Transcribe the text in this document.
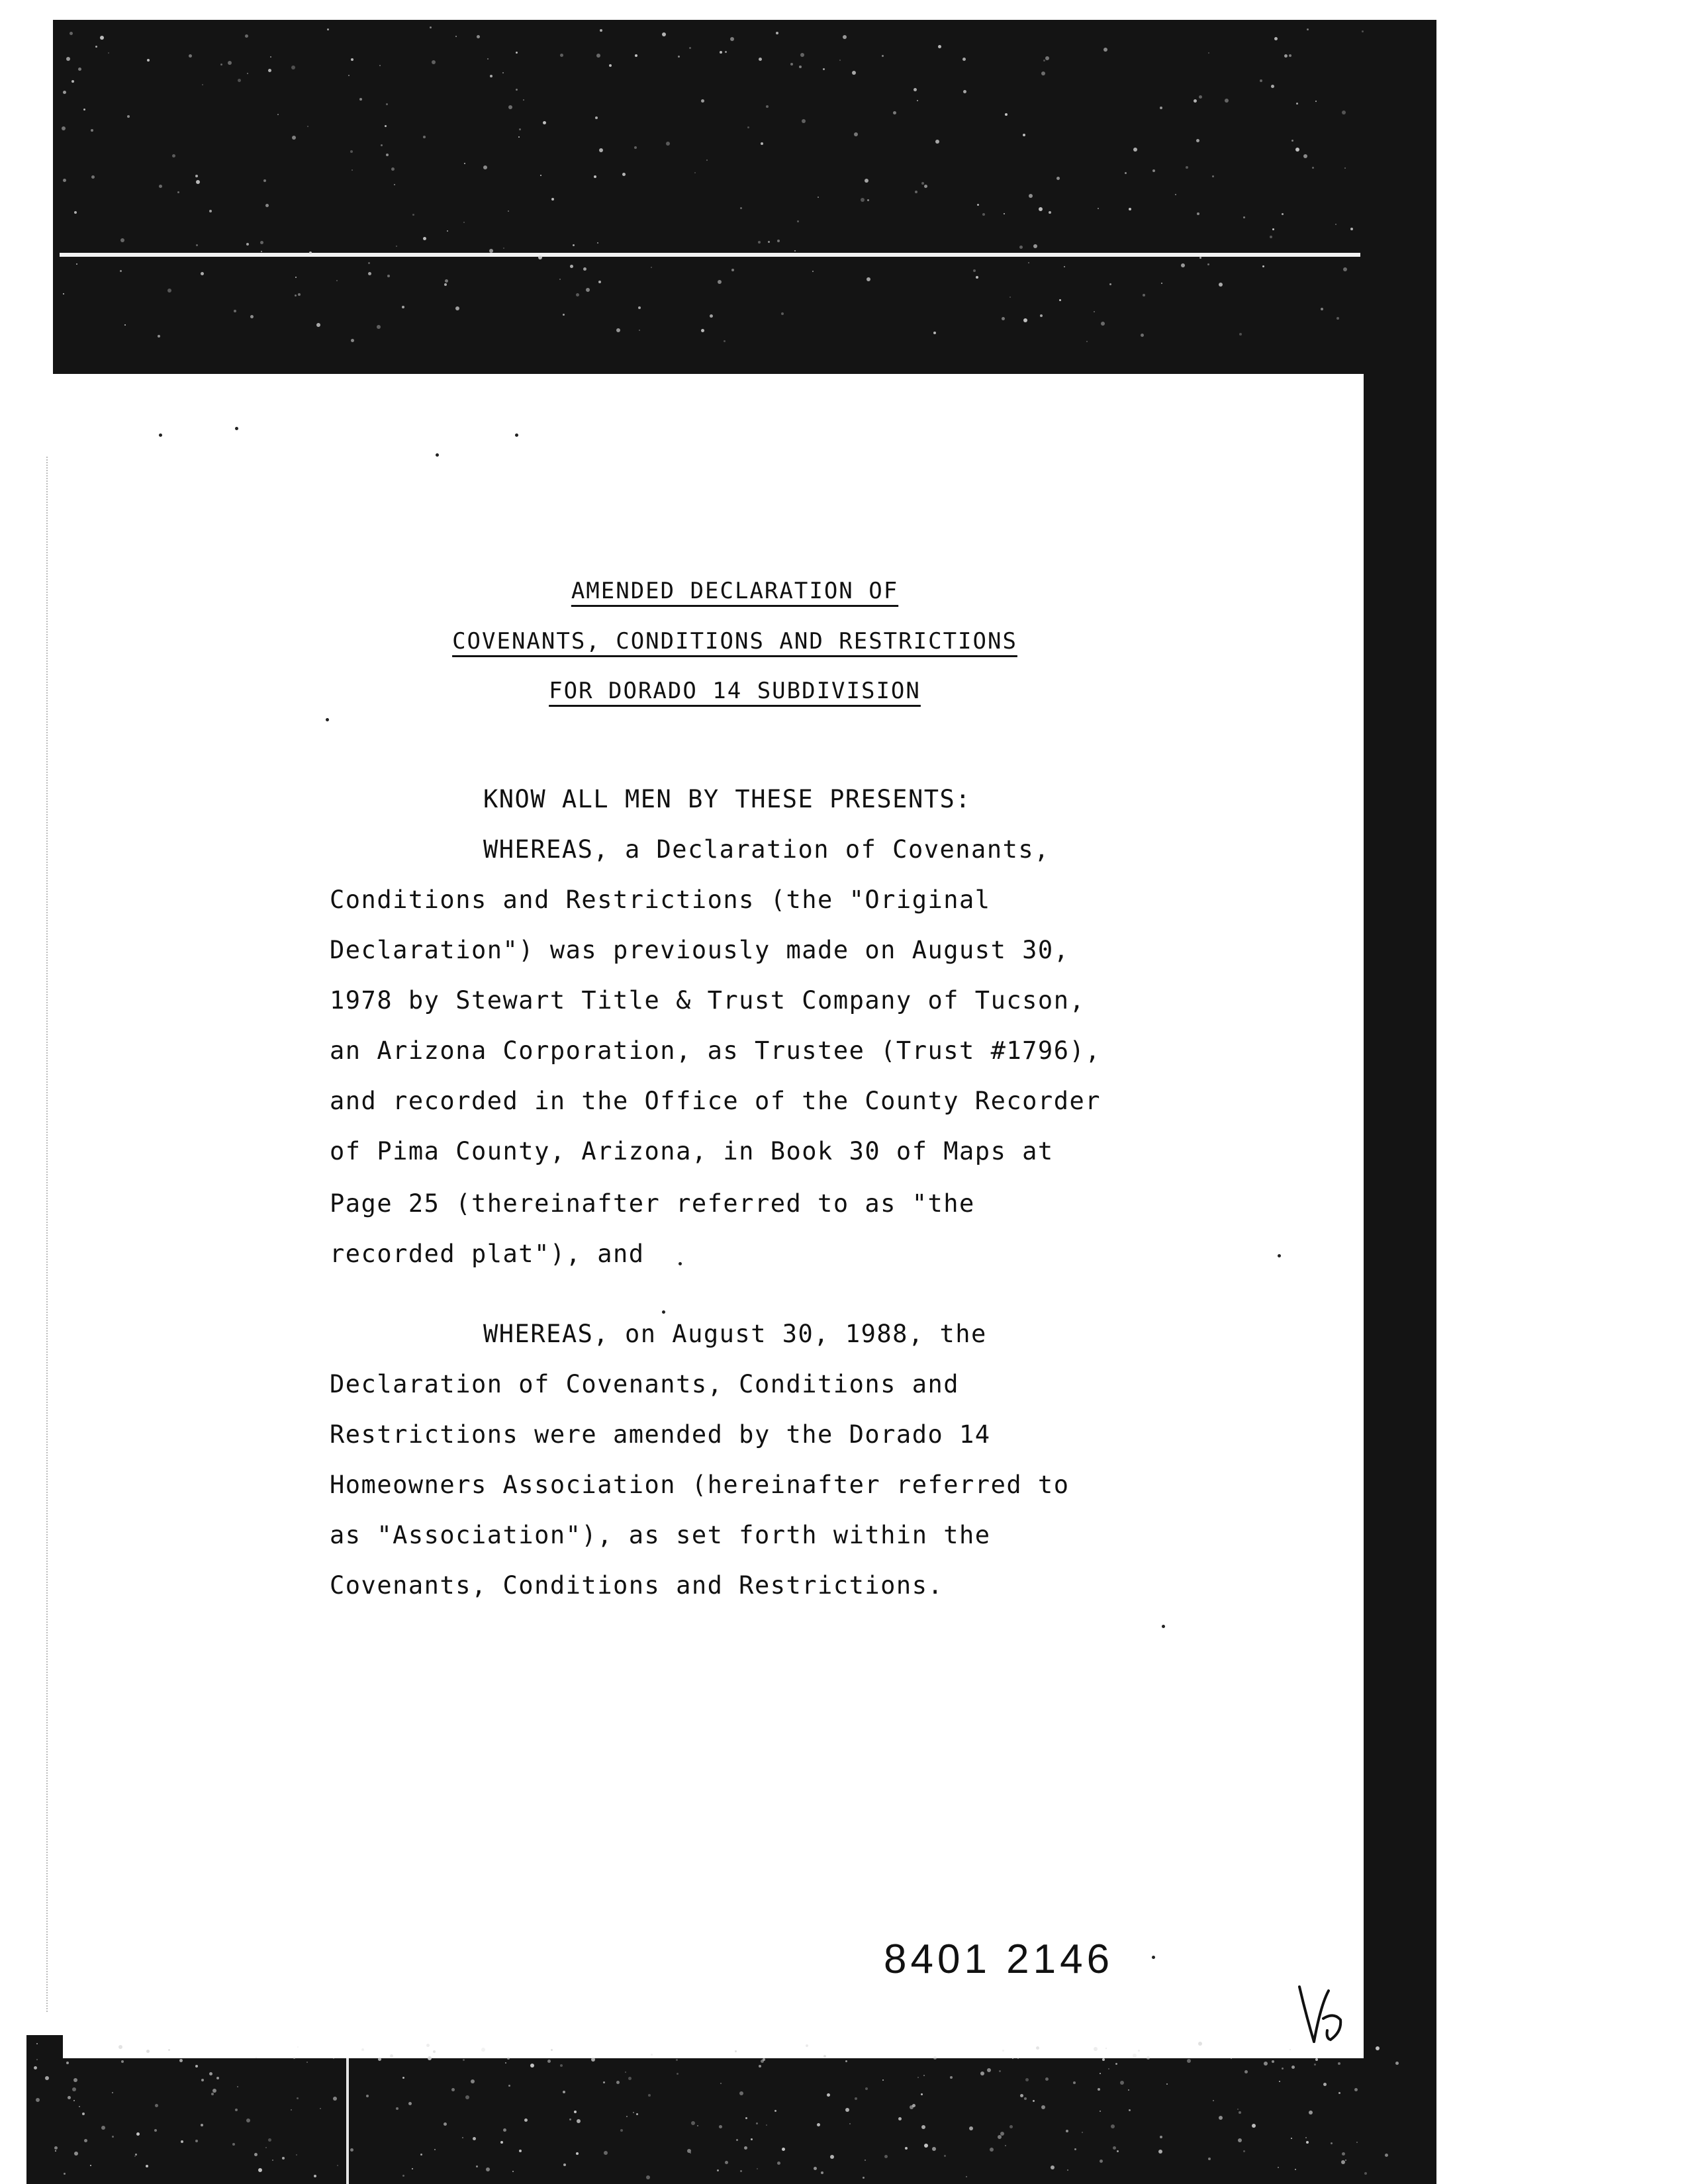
AMENDED DECLARATION OF
COVENANTS, CONDITIONS AND RESTRICTIONS
FOR DORADO 14 SUBDIVISION
KNOW ALL MEN BY THESE PRESENTS:
WHEREAS, a Declaration of Covenants,
Conditions and Restrictions (the "Original
Declaration") was previously made on August 30,
1978 by Stewart Title & Trust Company of Tucson,
an Arizona Corporation, as Trustee (Trust #1796),
and recorded in the Office of the County Recorder
of Pima County, Arizona, in Book 30 of Maps at
Page 25 (thereinafter referred to as "the
recorded plat"), and
WHEREAS, on August 30, 1988, the
Declaration of Covenants, Conditions and
Restrictions were amended by the Dorado 14
Homeowners Association (hereinafter referred to
as "Association"), as set forth within the
Covenants, Conditions and Restrictions.
8401 2146
